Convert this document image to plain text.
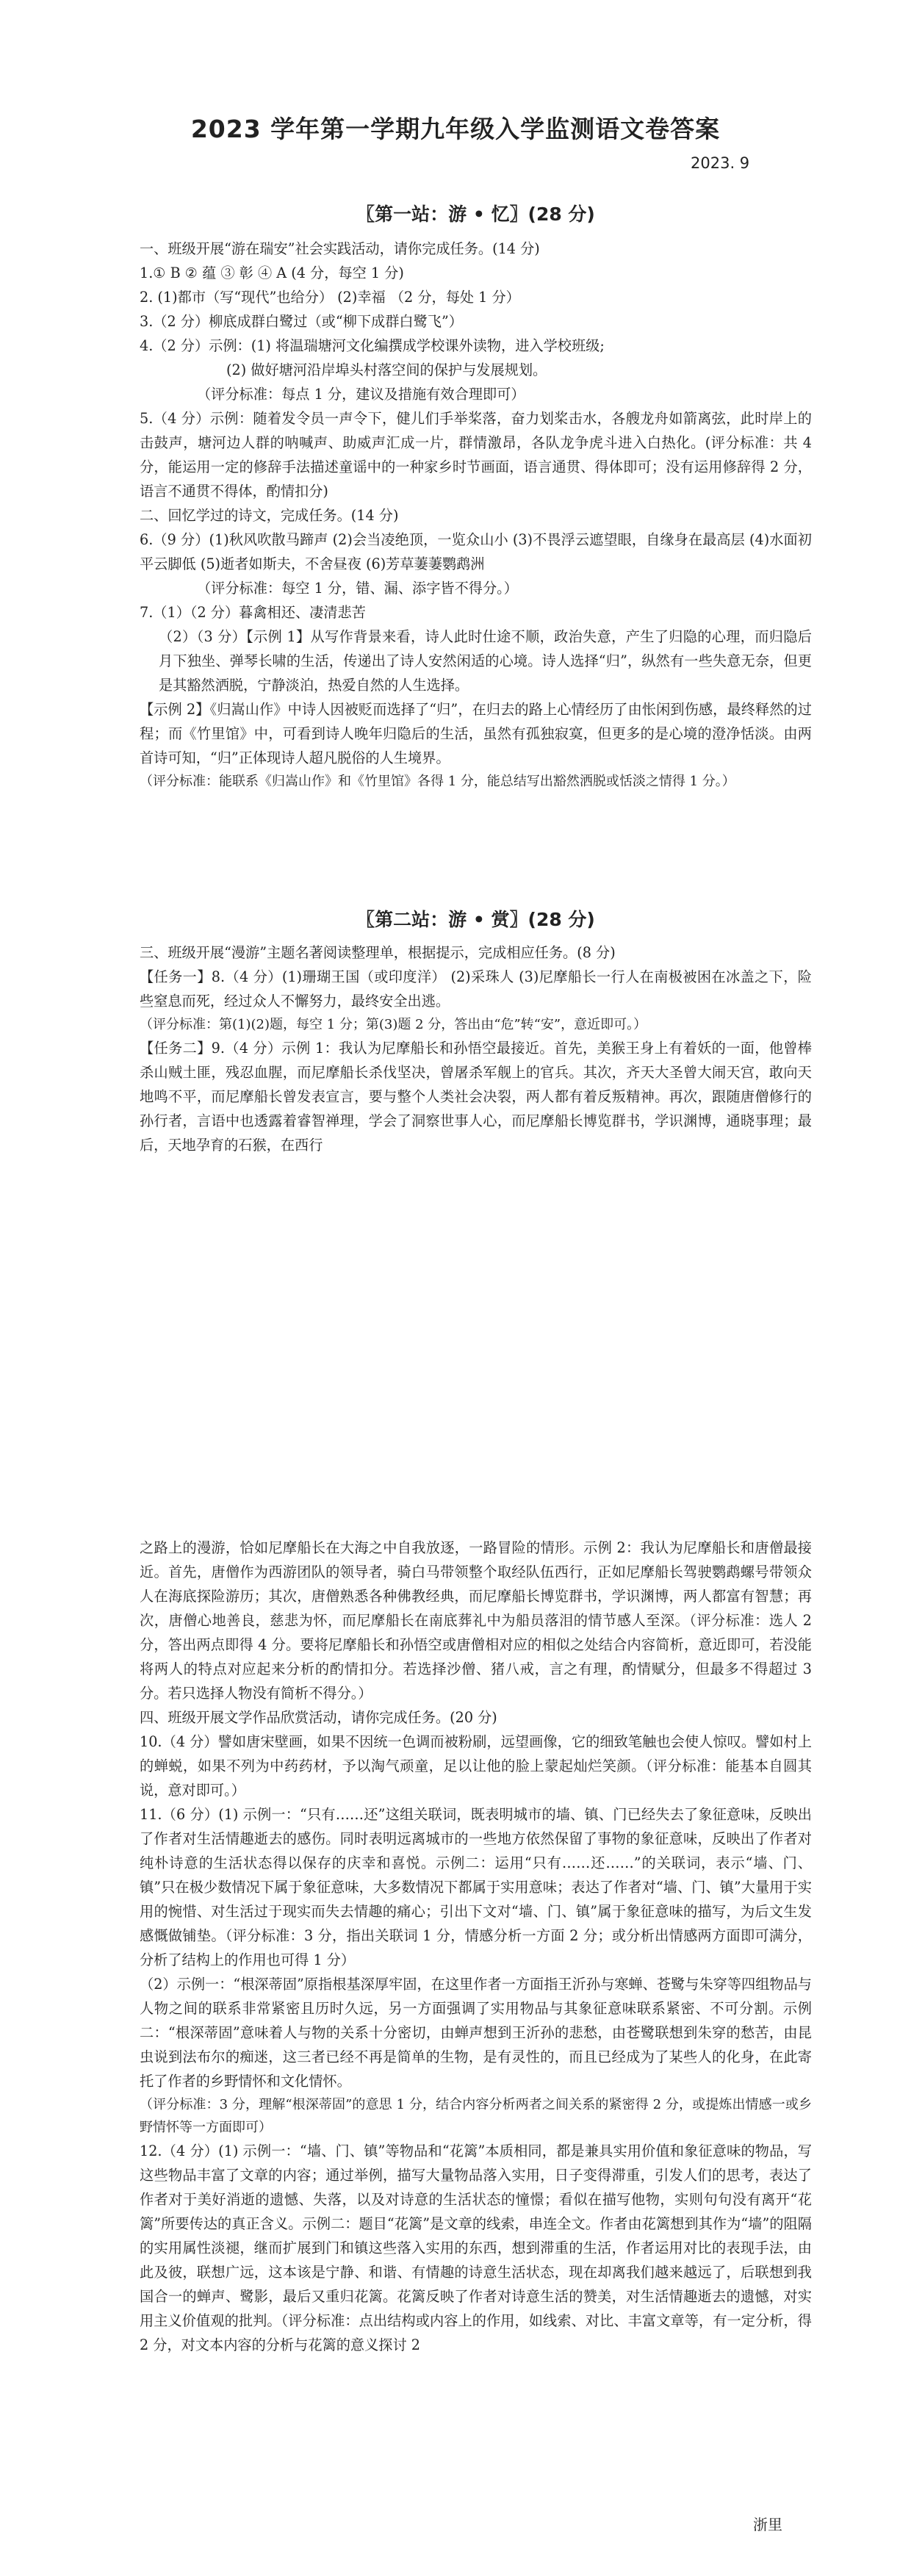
2023 学年第一学期九年级入学监测语文卷答案
2023. 9
〖第一站：游 • 忆〗(28 分)

一、班级开展“游在瑞安”社会实践活动，请你完成任务。(14 分)

1.① B ② 蕴 ③ 彰 ④ A (4 分，每空 1 分)

2. (1)都市（写“现代”也给分） (2)幸福 （2 分，每处 1 分）

3.（2 分）柳底成群白鹭过（或“柳下成群白鹭飞”）

4.（2 分）示例：(1) 将温瑞塘河文化编撰成学校课外读物，进入学校班级;

(2) 做好塘河沿岸埠头村落空间的保护与发展规划。

（评分标准：每点 1 分，建议及措施有效合理即可）

5.（4 分）示例：随着发令员一声令下，健儿们手举桨落，奋力划桨击水，各艘龙舟如箭离弦，此时岸上的击鼓声，塘河边人群的呐喊声、助威声汇成一片，群情激昂，各队龙争虎斗进入白热化。(评分标准：共 4 分，能运用一定的修辞手法描述童谣中的一种家乡时节画面，语言通贯、得体即可；没有运用修辞得 2 分，语言不通贯不得体，酌情扣分)

二、回忆学过的诗文，完成任务。(14 分)

6.（9 分）(1)秋风吹散马蹄声 (2)会当凌绝顶，一览众山小 (3)不畏浮云遮望眼，自缘身在最高层 (4)水面初平云脚低 (5)逝者如斯夫，不舍昼夜 (6)芳草萋萋鹦鹉洲

（评分标准：每空 1 分，错、漏、添字皆不得分。）

7.（1）（2 分）暮禽相还、凄清悲苦

（2）（3 分）【示例 1】从写作背景来看，诗人此时仕途不顺，政治失意，产生了归隐的心理，而归隐后月下独坐、弹琴长啸的生活，传递出了诗人安然闲适的心境。诗人选择“归”，纵然有一些失意无奈，但更是其豁然洒脱，宁静淡泊，热爱自然的人生选择。

【示例 2】《归嵩山作》中诗人因被贬而选择了“归”，在归去的路上心情经历了由怅闲到伤感，最终释然的过程；而《竹里馆》中，可看到诗人晚年归隐后的生活，虽然有孤独寂寞，但更多的是心境的澄净恬淡。由两首诗可知，“归”正体现诗人超凡脱俗的人生境界。

（评分标准：能联系《归嵩山作》和《竹里馆》各得 1 分，能总结写出豁然洒脱或恬淡之情得 1 分。）

〖第二站：游 • 赏〗(28 分)

三、班级开展“漫游”主题名著阅读整理单，根据提示，完成相应任务。(8 分)

【任务一】8.（4 分）(1)珊瑚王国（或印度洋） (2)采珠人 (3)尼摩船长一行人在南极被困在冰盖之下，险些窒息而死，经过众人不懈努力，最终安全出逃。

（评分标准：第(1)(2)题，每空 1 分；第(3)题 2 分，答出由“危”转“安”，意近即可。）

【任务二】9.（4 分）示例 1：我认为尼摩船长和孙悟空最接近。首先，美猴王身上有着妖的一面，他曾棒杀山贼土匪，残忍血腥，而尼摩船长杀伐坚决，曾屠杀军舰上的官兵。其次，齐天大圣曾大闹天宫，敢向天地鸣不平，而尼摩船长曾发表宣言，要与整个人类社会决裂，两人都有着反叛精神。再次，跟随唐僧修行的孙行者，言语中也透露着睿智禅理，学会了洞察世事人心，而尼摩船长博览群书，学识渊博，通晓事理；最后，天地孕育的石猴，在西行

之路上的漫游，恰如尼摩船长在大海之中自我放逐，一路冒险的情形。示例 2：我认为尼摩船长和唐僧最接近。首先，唐僧作为西游团队的领导者，骑白马带领整个取经队伍西行，正如尼摩船长驾驶鹦鹉螺号带领众人在海底探险游历；其次，唐僧熟悉各种佛教经典，而尼摩船长博览群书，学识渊博，两人都富有智慧；再次，唐僧心地善良，慈悲为怀，而尼摩船长在南底葬礼中为船员落泪的情节感人至深。（评分标准：选人 2 分，答出两点即得 4 分。要将尼摩船长和孙悟空或唐僧相对应的相似之处结合内容简析，意近即可，若没能将两人的特点对应起来分析的酌情扣分。若选择沙僧、猪八戒，言之有理，酌情赋分，但最多不得超过 3 分。若只选择人物没有简析不得分。）

四、班级开展文学作品欣赏活动，请你完成任务。(20 分)

10.（4 分）譬如唐宋壁画，如果不因统一色调而被粉刷，远望画像，它的细致笔触也会使人惊叹。譬如村上的蝉蜕，如果不列为中药药材，予以淘气顽童，足以让他的脸上蒙起灿烂笑颜。（评分标准：能基本自圆其说，意对即可。）

11.（6 分）(1) 示例一：“只有……还”这组关联词，既表明城市的墙、镇、门已经失去了象征意味，反映出了作者对生活情趣逝去的感伤。同时表明远离城市的一些地方依然保留了事物的象征意味，反映出了作者对纯朴诗意的生活状态得以保存的庆幸和喜悦。示例二：运用“只有……还……”的关联词，表示“墙、门、镇”只在极少数情况下属于象征意味，大多数情况下都属于实用意味；表达了作者对“墙、门、镇”大量用于实用的惋惜、对生活过于现实而失去情趣的痛心；引出下文对“墙、门、镇”属于象征意味的描写，为后文生发感慨做铺垫。（评分标准：3 分，指出关联词 1 分，情感分析一方面 2 分；或分析出情感两方面即可满分，分析了结构上的作用也可得 1 分）

（2）示例一：“根深蒂固”原指根基深厚牢固，在这里作者一方面指王沂孙与寒蝉、苍鹭与朱穿等四组物品与人物之间的联系非常紧密且历时久远，另一方面强调了实用物品与其象征意味联系紧密、不可分割。示例二：“根深蒂固”意味着人与物的关系十分密切，由蝉声想到王沂孙的悲愁，由苍鹭联想到朱穿的愁苦，由昆虫说到法布尔的痴迷，这三者已经不再是简单的生物，是有灵性的，而且已经成为了某些人的化身，在此寄托了作者的乡野情怀和文化情怀。

（评分标准：3 分，理解“根深蒂固”的意思 1 分，结合内容分析两者之间关系的紧密得 2 分，或提炼出情感一或乡野情怀等一方面即可）

12.（4 分）(1) 示例一：“墙、门、镇”等物品和“花篱”本质相同，都是兼具实用价值和象征意味的物品，写这些物品丰富了文章的内容；通过举例，描写大量物品落入实用，日子变得滞重，引发人们的思考，表达了作者对于美好消逝的遗憾、失落，以及对诗意的生活状态的憧憬；看似在描写他物，实则句句没有离开“花篱”所要传达的真正含义。示例二：题目“花篱”是文章的线索，串连全文。作者由花篱想到其作为“墙”的阻隔的实用属性淡褪，继而扩展到门和镇这些落入实用的东西，想到滞重的生活，作者运用对比的表现手法，由此及彼，联想广远，这本该是宁静、和谐、有情趣的诗意生活状态，现在却离我们越来越远了，后联想到我国合一的蝉声、鹭影，最后又重归花篱。花篱反映了作者对诗意生活的赞美，对生活情趣逝去的遗憾，对实用主义价值观的批判。（评分标准：点出结构或内容上的作用，如线索、对比、丰富文章等，有一定分析，得 2 分，对文本内容的分析与花篱的意义探讨 2

浙里
